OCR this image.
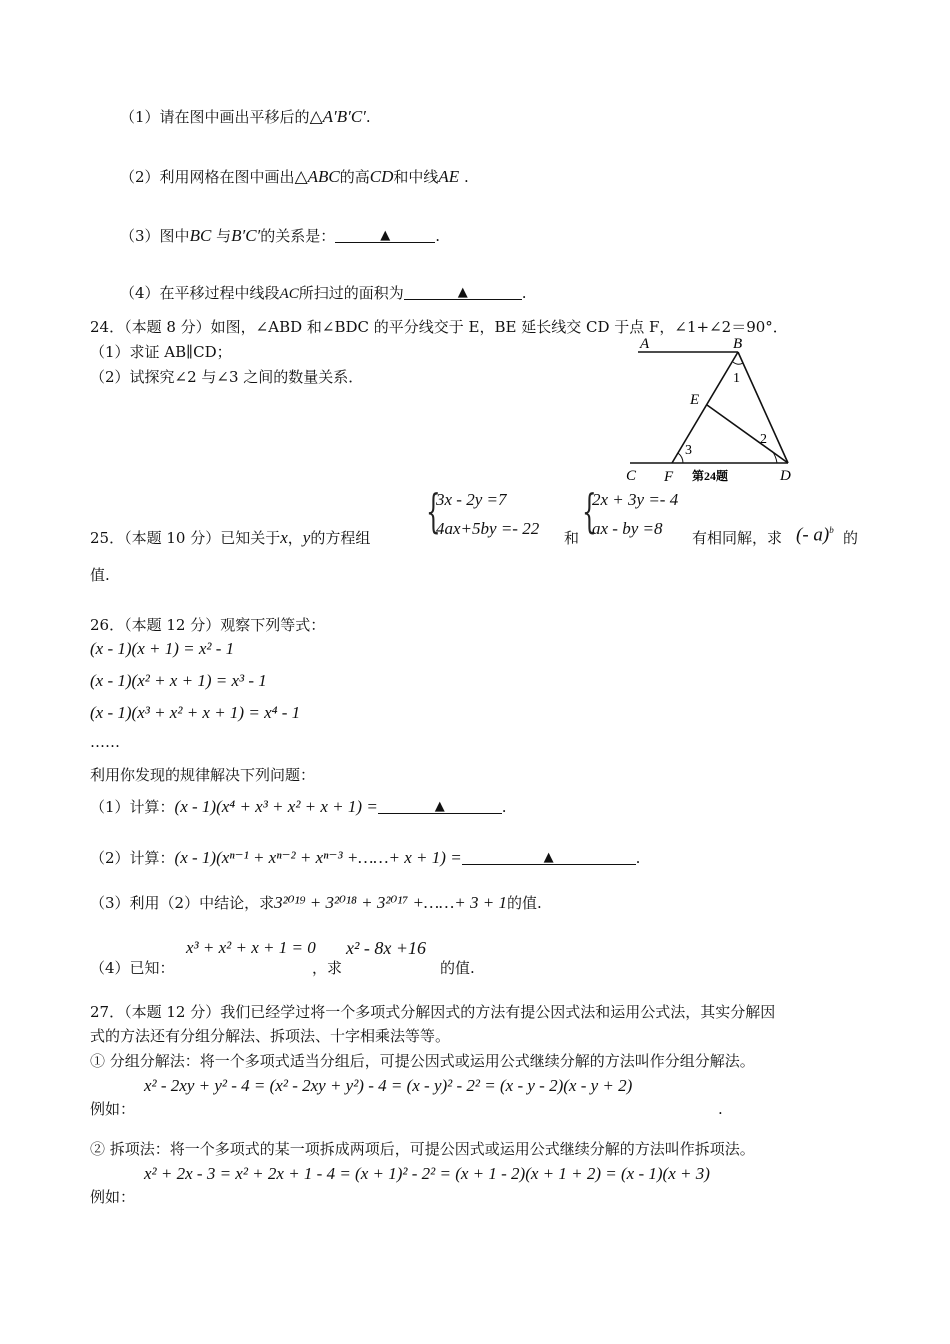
（1）请在图中画出平移后的△A′B′C′.
（2）利用网格在图中画出△ABC的高CD和中线AE .
（3）图中BC 与B′C′的关系是：	▲	.
（4）在平移过程中线段AC所扫过的面积为	▲	.
24．（本题 8 分）如图，∠ABD 和∠BDC 的平分线交于 E，BE 延长线交 CD 于点 F，∠1+∠2＝90°．
（1）求证 AB∥CD；
（2）试探究∠2 与∠3 之间的数量关系．
A	B
C	D
E
F
1
2
3
第24题
25．（本题 10 分）已知关于x，y的方程组 {
3x - 2y =7
4ax+5by =- 22 和 {
2x + 3y =- 4
ax - by =8 有相同解，求 (- a)$^b$ 的
值.
26．（本题 12 分）观察下列等式：
(x - 1)(x + 1) = x² - 1
(x - 1)(x² + x + 1) = x³ - 1
(x - 1)(x³ + x² + x + 1) = x⁴ - 1
……
利用你发现的规律解决下列问题：
（1）计算：(x - 1)(x⁴ + x³ + x² + x + 1) =	▲	.
（2）计算：(x - 1)(xⁿ⁻¹ + xⁿ⁻² + xⁿ⁻³ +……+ x + 1) =	▲	.
（3）利用（2）中结论，求3²⁰¹⁹ + 3²⁰¹⁸ + 3²⁰¹⁷ +……+ 3 + 1的值.
x³ + x² + x + 1 = 0
（4）已知：	，求
x² - 8x +16
的值.
27．（本题 12 分）我们已经学过将一个多项式分解因式的方法有提公因式法和运用公式法，其实分解因
式的方法还有分组分解法、拆项法、十字相乘法等等。
① 分组分解法：将一个多项式适当分组后，可提公因式或运用公式继续分解的方法叫作分组分解法。
x² - 2xy + y² - 4 = (x² - 2xy + y²) - 4 = (x - y)² - 2² = (x - y - 2)(x - y + 2)
例如：	.
② 拆项法：将一个多项式的某一项拆成两项后，可提公因式或运用公式继续分解的方法叫作拆项法。
x² + 2x - 3 = x² + 2x + 1 - 4 = (x + 1)² - 2² = (x + 1 - 2)(x + 1 + 2) = (x - 1)(x + 3)
例如：
